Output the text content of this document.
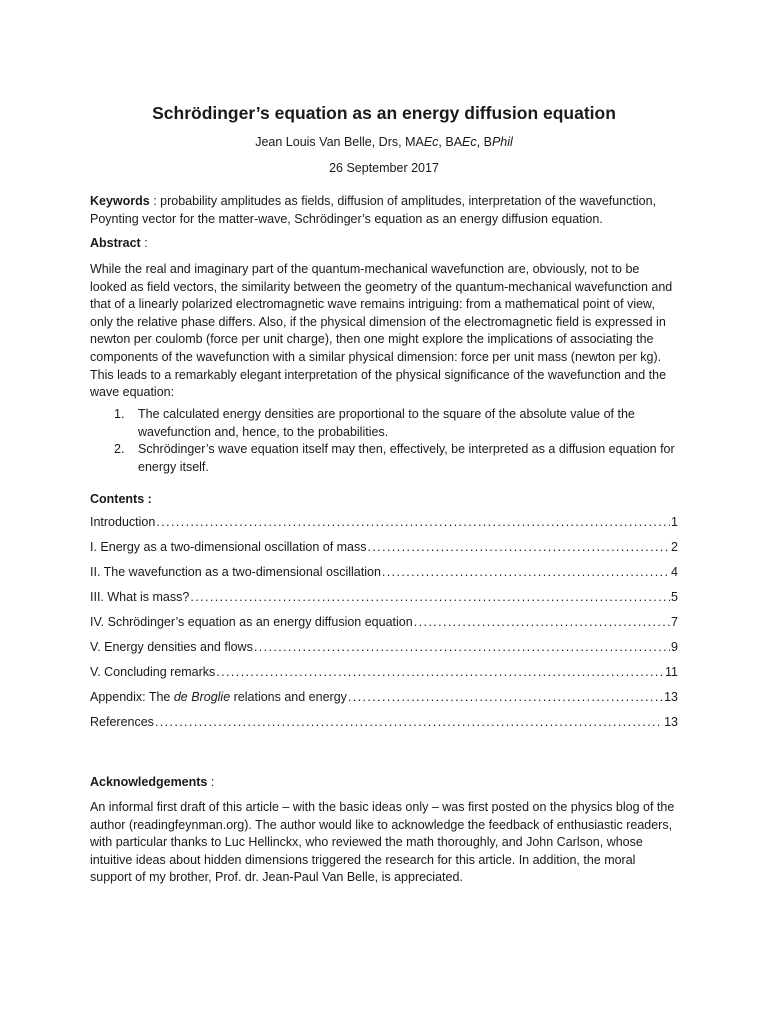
Schrödinger’s equation as an energy diffusion equation
Jean Louis Van Belle, Drs, MAEc, BAEc, BPhil
26 September 2017

Keywords : probability amplitudes as fields, diffusion of amplitudes, interpretation of the wavefunction, Poynting vector for the matter-wave, Schrödinger’s equation as an energy diffusion equation.

Abstract :

While the real and imaginary part of the quantum-mechanical wavefunction are, obviously, not to be looked as field vectors, the similarity between the geometry of the quantum-mechanical wavefunction and that of a linearly polarized electromagnetic wave remains intriguing: from a mathematical point of view, only the relative phase differs. Also, if the physical dimension of the electromagnetic field is expressed in newton per coulomb (force per unit charge), then one might explore the implications of associating the components of the wavefunction with a similar physical dimension: force per unit mass (newton per kg). This leads to a remarkably elegant interpretation of the physical significance of the wavefunction and the wave equation:

1. The calculated energy densities are proportional to the square of the absolute value of the wavefunction and, hence, to the probabilities.
2. Schrödinger’s wave equation itself may then, effectively, be interpreted as a diffusion equation for energy itself.
Contents :
Introduction .....	1
I. Energy as a two-dimensional oscillation of mass .....	2
II. The wavefunction as a two-dimensional oscillation .....	4
III. What is mass? .....	5
IV. Schrödinger’s equation as an energy diffusion equation .....	7
V. Energy densities and flows .....	9
V. Concluding remarks .....	11
Appendix: The de Broglie relations and energy .....	13
References .....	13
Acknowledgements :

An informal first draft of this article – with the basic ideas only – was first posted on the physics blog of the author (readingfeynman.org). The author would like to acknowledge the feedback of enthusiastic readers, with particular thanks to Luc Hellinckx, who reviewed the math thoroughly, and John Carlson, whose intuitive ideas about hidden dimensions triggered the research for this article. In addition, the moral support of my brother, Prof. dr. Jean-Paul Van Belle, is appreciated.
